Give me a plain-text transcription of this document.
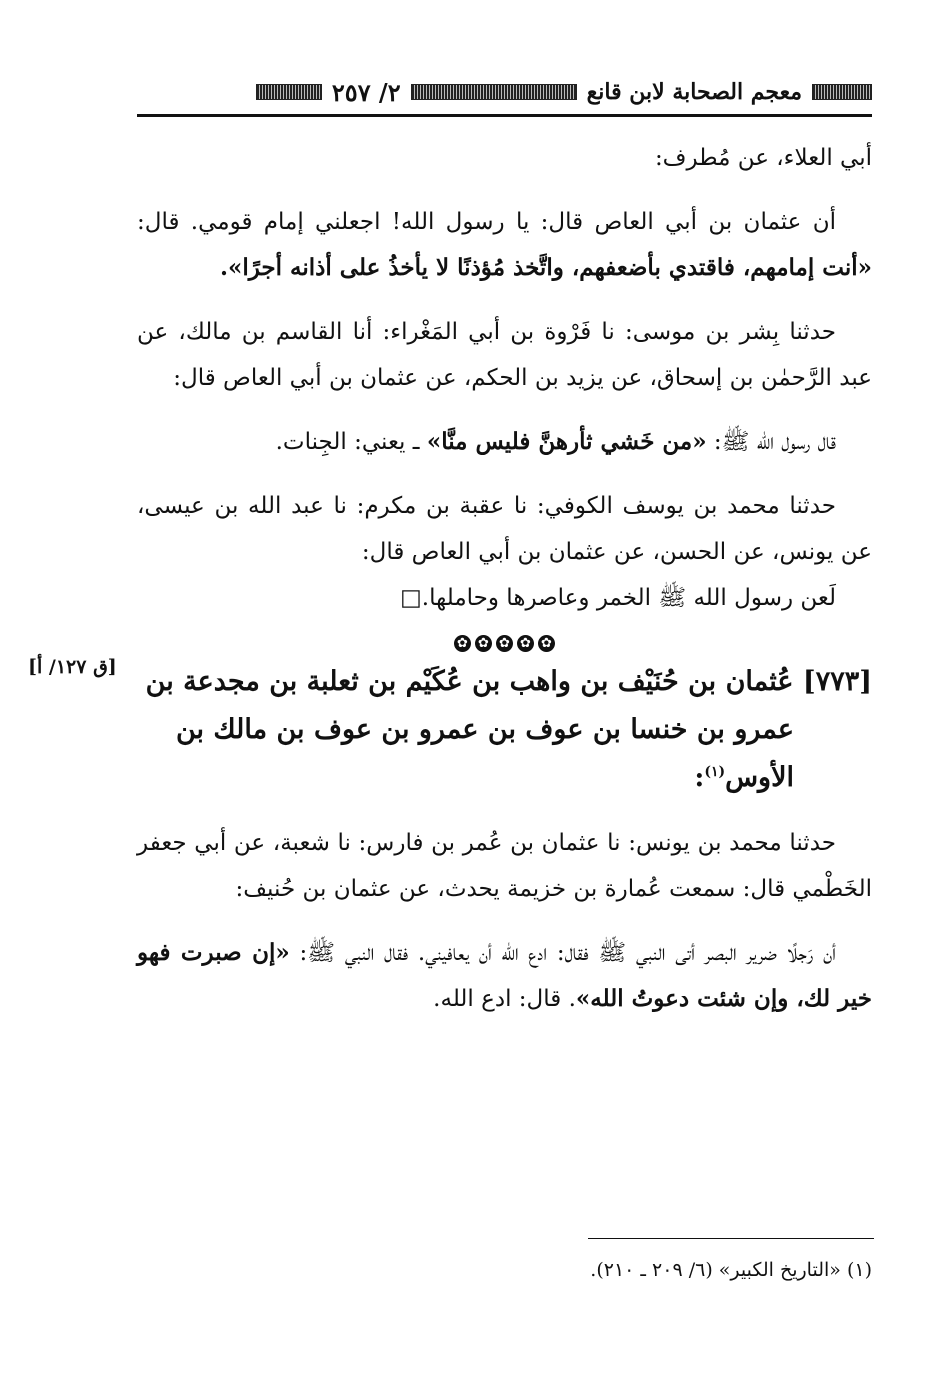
معجم الصحابة لابن قانع
٢/ ٢٥٧

أبي العلاء، عن مُطرف:

أن عثمان بن أبي العاص قال: يا رسول الله! اجعلني إمام قومي. قال: «أنت إمامهم، فاقتدي بأضعفهم، واتَّخذ مُؤذنًا لا يأخذُ على أذانه أجرًا».

حدثنا بِشر بن موسى: نا فَرْوة بن أبي المَغْراء: أنا القاسم بن مالك، عن عبد الرَّحمٰن بن إسحاق، عن يزيد بن الحكم، عن عثمان بن أبي العاص قال:

قال رسول الله ﷺ: «من خَشي ثأرهنَّ فليس منَّا» ـ يعني: الجِنات.

حدثنا محمد بن يوسف الكوفي: نا عقبة بن مكرم: نا عبد الله بن عيسى، عن يونس، عن الحسن، عن عثمان بن أبي العاص قال:

لَعن رسول الله ﷺ الخمر وعاصرها وحاملها.□

✿ ✿ ✿ ✿ ✿
[٧٧٣] عُثمان بن حُنَيْف بن واهب بن عُكَيْم بن ثعلبة بن مجدعة بن
عمرو بن خنسا بن عوف بن عمرو بن عوف بن مالك بن
الأوس$^{(١)}$:

حدثنا محمد بن يونس: نا عثمان بن عُمر بن فارس: نا شعبة، عن أبي جعفر الخَطْمي قال: سمعت عُمارة بن خزيمة يحدث، عن عثمان بن حُنيف:

أن رَجلًا ضرير البصر أتى النبي ﷺ فقال: ادع الله أن يعافيني. فقال النبي ﷺ: «إن صبرت فهو خير لك، وإن شئت دعوتُ الله». قال: ادع الله.

[ق ١٢٧/ أ]
(١) «التاريخ الكبير» (٦/ ٢٠٩ ـ ٢١٠).
